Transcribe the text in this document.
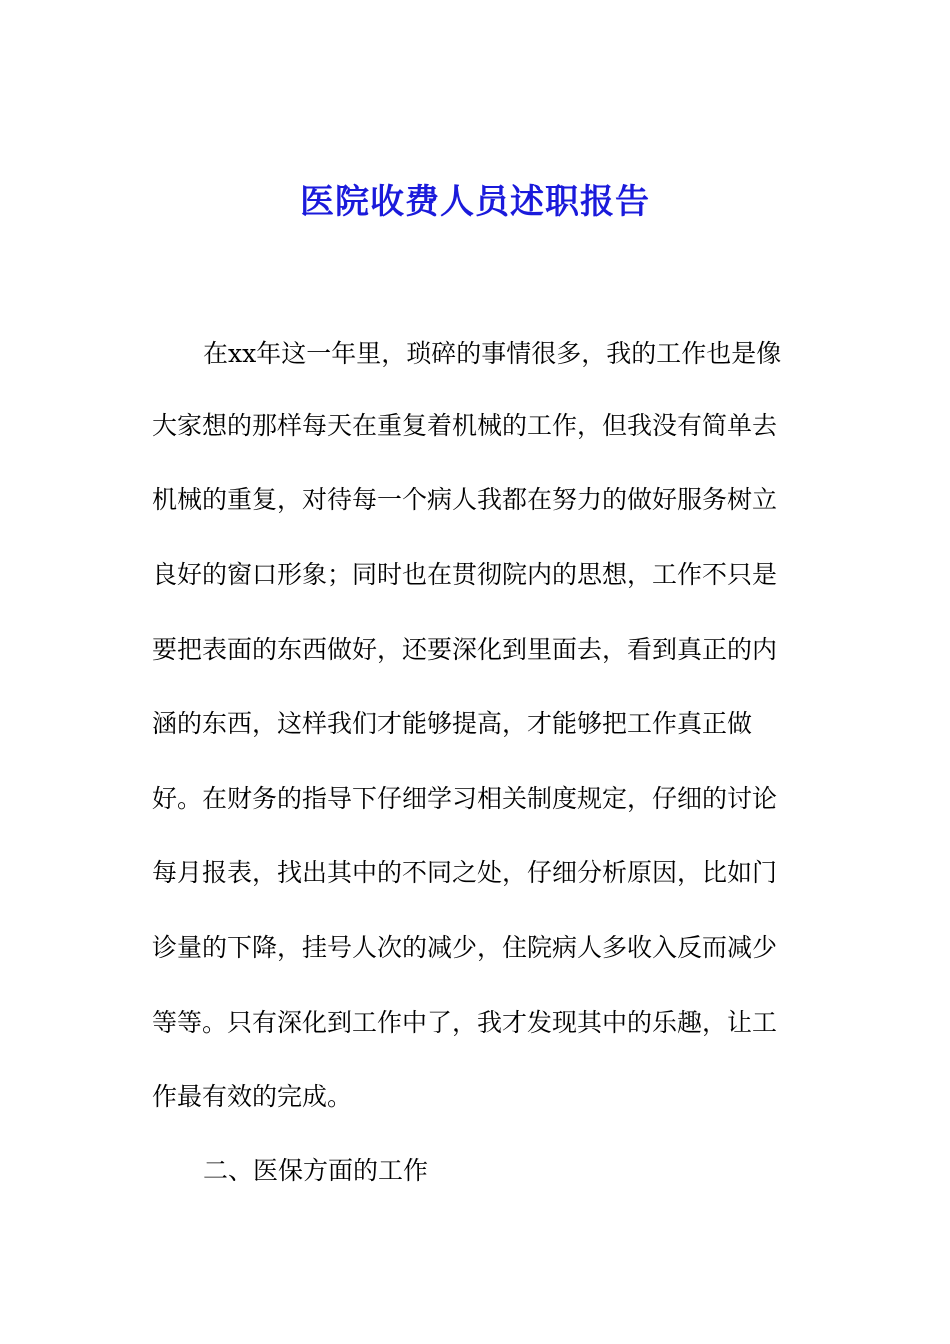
医院收费人员述职报告
在xx年这一年里，琐碎的事情很多，我的工作也是像
大家想的那样每天在重复着机械的工作，但我没有简单去
机械的重复，对待每一个病人我都在努力的做好服务树立
良好的窗口形象；同时也在贯彻院内的思想，工作不只是
要把表面的东西做好，还要深化到里面去，看到真正的内
涵的东西，这样我们才能够提高，才能够把工作真正做
好。在财务的指导下仔细学习相关制度规定，仔细的讨论
每月报表，找出其中的不同之处，仔细分析原因，比如门
诊量的下降，挂号人次的减少，住院病人多收入反而减少
等等。只有深化到工作中了，我才发现其中的乐趣，让工
作最有效的完成。
二、医保方面的工作
